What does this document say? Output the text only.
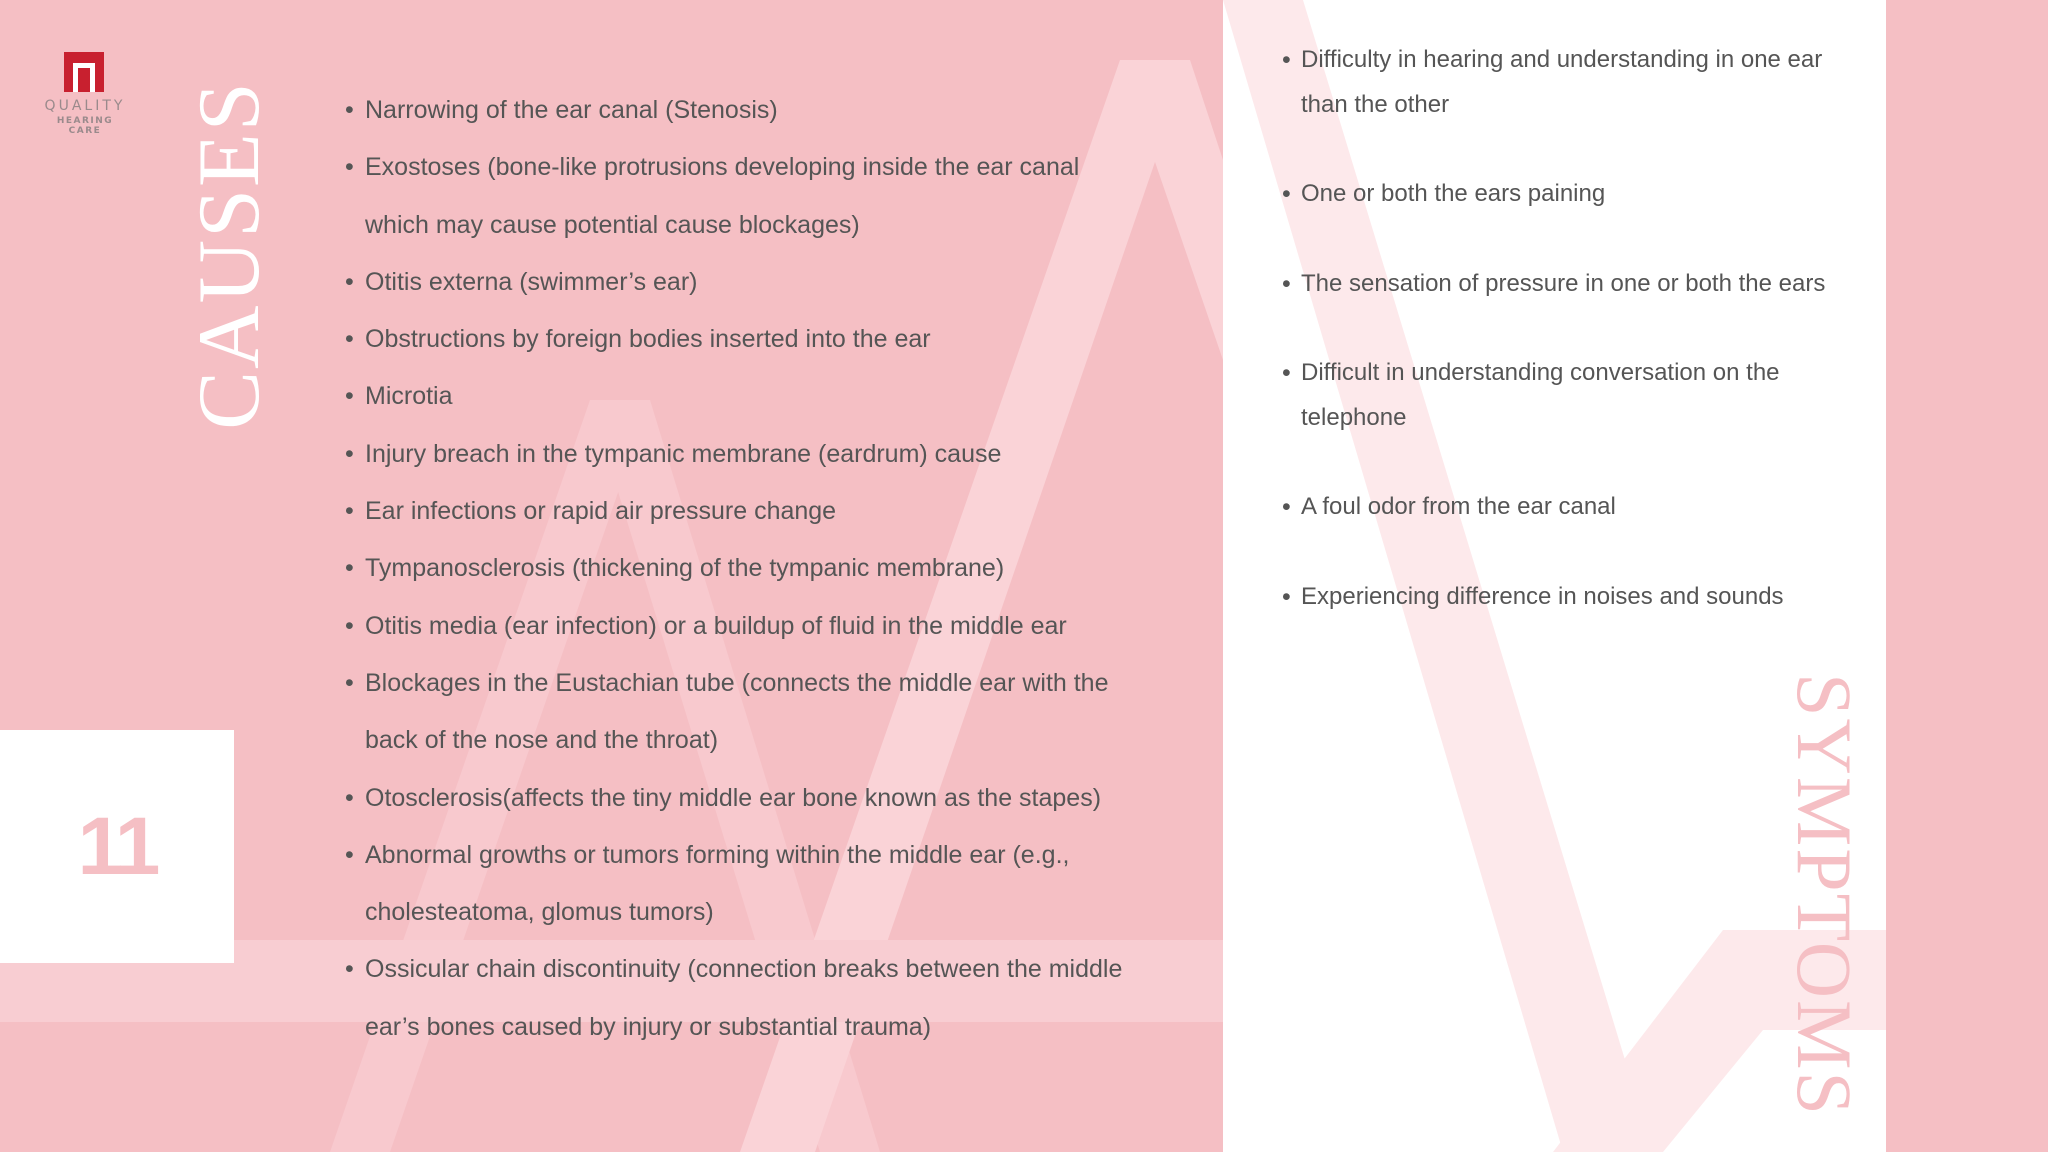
QUALITY
HEARING CARE CAUSES
11
• Narrowing of the ear canal (Stenosis)
• Exostoses (bone-like protrusions developing inside the ear canal which may cause potential cause blockages)
• Otitis externa (swimmer’s ear)
• Obstructions by foreign bodies inserted into the ear
• Microtia
• Injury breach in the tympanic membrane (eardrum) cause
• Ear infections or rapid air pressure change
• Tympanosclerosis (thickening of the tympanic membrane)
• Otitis media (ear infection) or a buildup of fluid in the middle ear
• Blockages in the Eustachian tube (connects the middle ear with the back of the nose and the throat)
• Otosclerosis(affects the tiny middle ear bone known as the stapes)
• Abnormal growths or tumors forming within the middle ear (e.g., cholesteatoma, glomus tumors)
• Ossicular chain discontinuity (connection breaks between the middle ear’s bones caused by injury or substantial trauma)
• Difficulty in hearing and understanding in one ear than the other
• One or both the ears paining
• The sensation of pressure in one or both the ears
• Difficult in understanding conversation on the telephone
• A foul odor from the ear canal
• Experiencing difference in noises and sounds
SYMPTOMS
